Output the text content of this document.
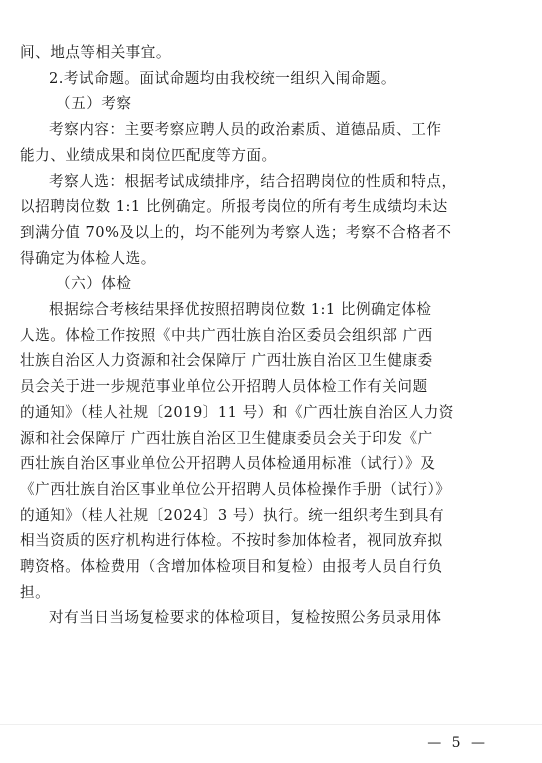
间、地点等相关事宜。

2.考试命题。面试命题均由我校统一组织入闱命题。

（五）考察

考察内容：主要考察应聘人员的政治素质、道德品质、工作

能力、业绩成果和岗位匹配度等方面。

考察人选：根据考试成绩排序，结合招聘岗位的性质和特点，

以招聘岗位数 1:1 比例确定。所报考岗位的所有考生成绩均未达

到满分值 70%及以上的，均不能列为考察人选；考察不合格者不

得确定为体检人选。

（六）体检

根据综合考核结果择优按照招聘岗位数 1:1 比例确定体检

人选。体检工作按照《中共广西壮族自治区委员会组织部 广西

壮族自治区人力资源和社会保障厅 广西壮族自治区卫生健康委

员会关于进一步规范事业单位公开招聘人员体检工作有关问题

的通知》（桂人社规〔2019〕11 号）和《广西壮族自治区人力资

源和社会保障厅 广西壮族自治区卫生健康委员会关于印发《广

西壮族自治区事业单位公开招聘人员体检通用标准（试行）》及

《广西壮族自治区事业单位公开招聘人员体检操作手册（试行）》

的通知》（桂人社规〔2024〕3 号）执行。统一组织考生到具有

相当资质的医疗机构进行体检。不按时参加体检者，视同放弃拟

聘资格。体检费用（含增加体检项目和复检）由报考人员自行负

担。

对有当日当场复检要求的体检项目，复检按照公务员录用体

— 5 —
